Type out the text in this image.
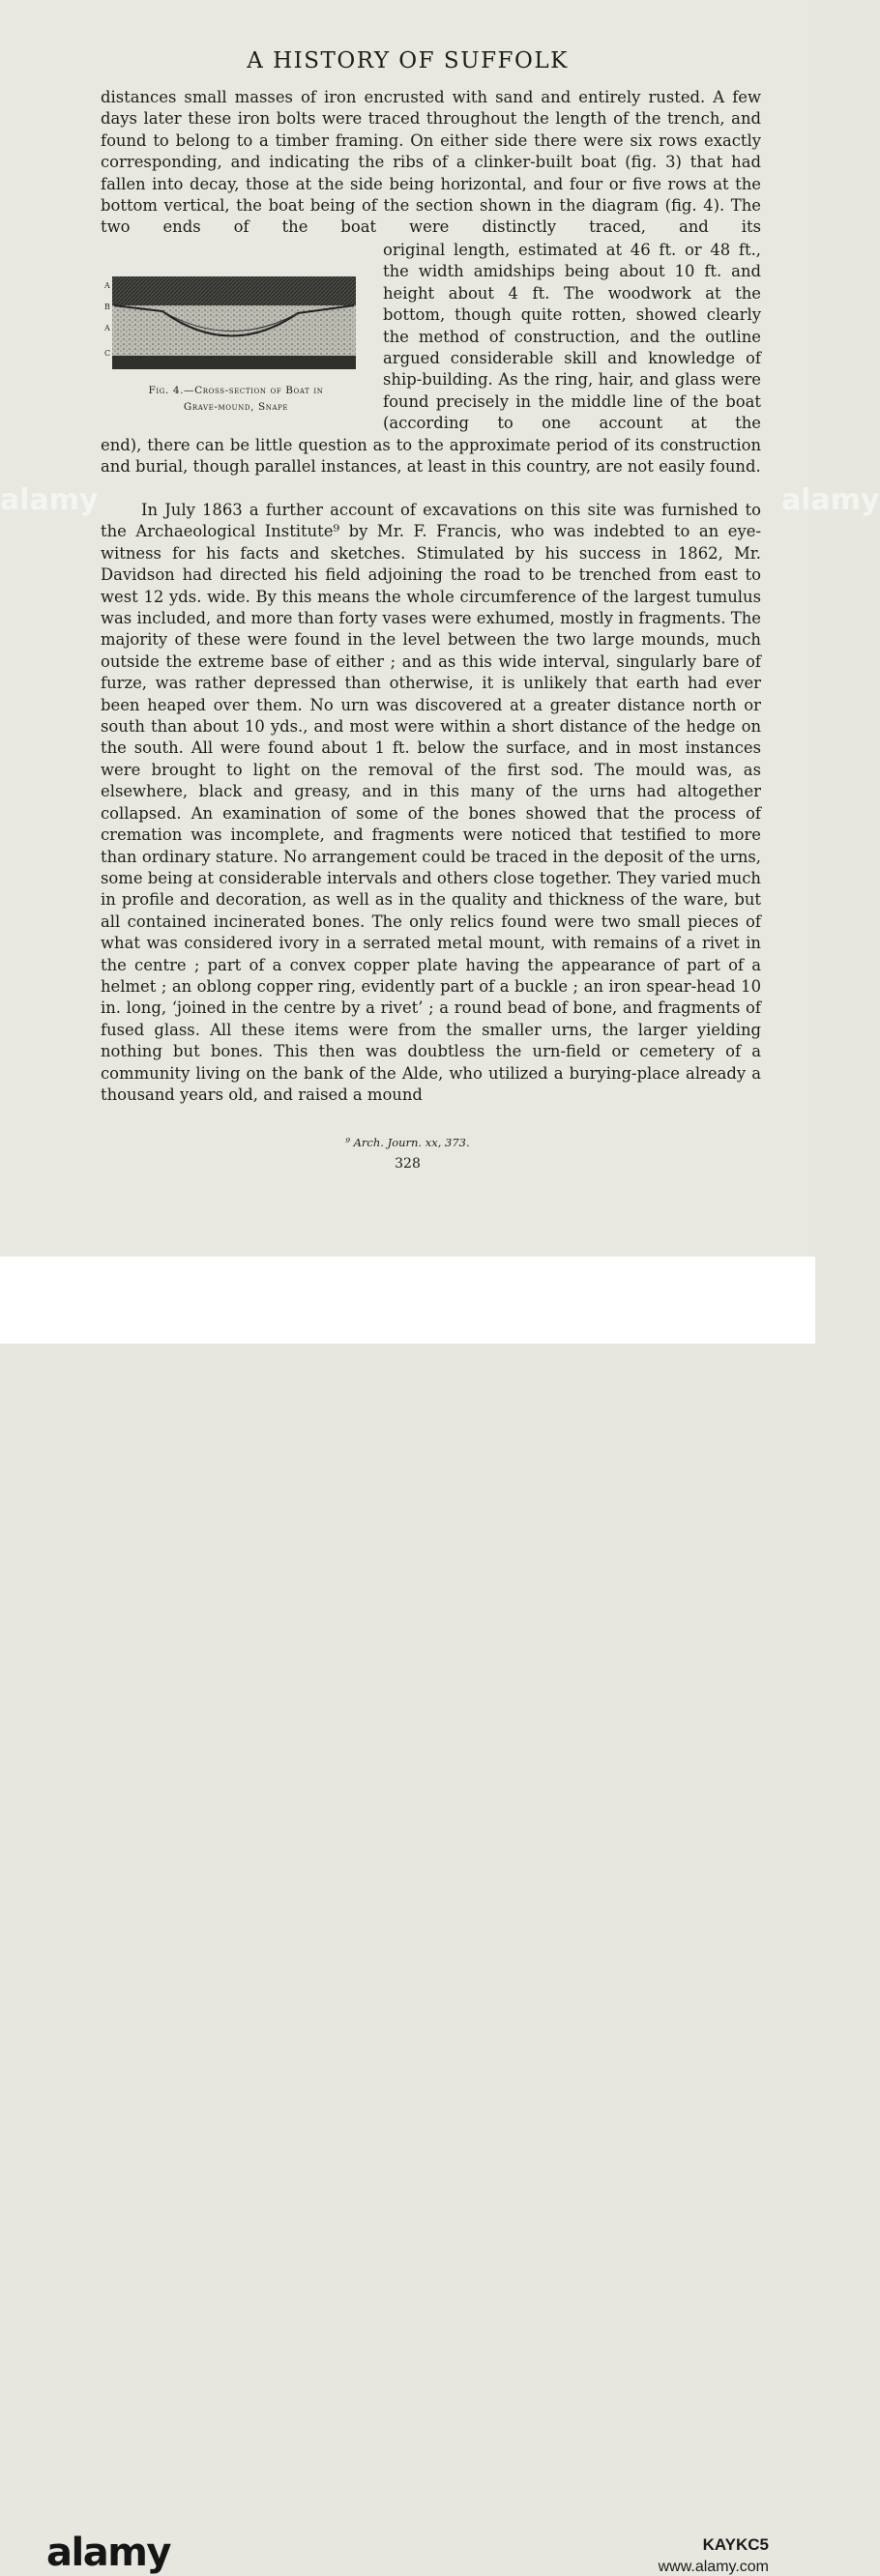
A HISTORY OF SUFFOLK

distances small masses of iron encrusted with sand and entirely rusted. A few days later these iron bolts were traced throughout the length of the trench, and found to belong to a timber framing. On either side there were six rows exactly corresponding, and indicating the ribs of a clinker-built boat (fig. 3) that had fallen into decay, those at the side being horizontal, and four or five rows at the bottom vertical, the boat being of the section shown in the diagram (fig. 4). The two ends of the boat were distinctly traced, and its

A
B
A
C
Fig. 4.—Cross-section of Boat in
Grave-mound, Snape

original length, estimated at 46 ft. or 48 ft., the width amidships being about 10 ft. and height about 4 ft. The woodwork at the bottom, though quite rotten, showed clearly the method of construction, and the outline argued considerable skill and knowledge of ship-building. As the ring, hair, and glass were found precisely in the middle line of the boat (according to one account at the

end), there can be little question as to the approximate period of its construction and burial, though parallel instances, at least in this country, are not easily found.

In July 1863 a further account of excavations on this site was furnished to the Archaeological Institute⁹ by Mr. F. Francis, who was indebted to an eye-witness for his facts and sketches. Stimulated by his success in 1862, Mr. Davidson had directed his field adjoining the road to be trenched from east to west 12 yds. wide. By this means the whole circumference of the largest tumulus was included, and more than forty vases were exhumed, mostly in fragments. The majority of these were found in the level between the two large mounds, much outside the extreme base of either ; and as this wide interval, singularly bare of furze, was rather depressed than otherwise, it is unlikely that earth had ever been heaped over them. No urn was discovered at a greater distance north or south than about 10 yds., and most were within a short distance of the hedge on the south. All were found about 1 ft. below the surface, and in most instances were brought to light on the removal of the first sod. The mould was, as elsewhere, black and greasy, and in this many of the urns had altogether collapsed. An examination of some of the bones showed that the process of cremation was incomplete, and fragments were noticed that testified to more than ordinary stature. No arrangement could be traced in the deposit of the urns, some being at considerable intervals and others close together. They varied much in profile and decoration, as well as in the quality and thickness of the ware, but all contained incinerated bones. The only relics found were two small pieces of what was considered ivory in a serrated metal mount, with remains of a rivet in the centre ; part of a convex copper plate having the appearance of part of a helmet ; an oblong copper ring, evidently part of a buckle ; an iron spear-head 10 in. long, ‘joined in the centre by a rivet’ ; a round bead of bone, and fragments of fused glass. All these items were from the smaller urns, the larger yielding nothing but bones. This then was doubtless the urn-field or cemetery of a community living on the bank of the Alde, who utilized a burying-place already a thousand years old, and raised a mound

⁹ Arch. Journ. xx, 373.
328
alamy	alamy
alamy	KAYKC5
www.alamy.com
